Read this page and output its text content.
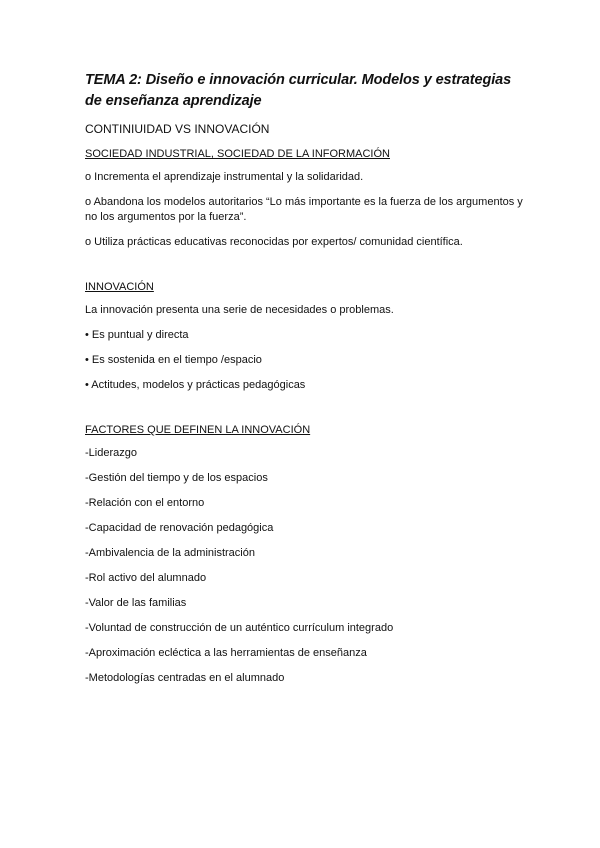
TEMA 2: Diseño e innovación curricular. Modelos y estrategias de enseñanza aprendizaje
CONTINIUIDAD VS INNOVACIÓN
SOCIEDAD INDUSTRIAL, SOCIEDAD DE LA INFORMACIÓN
o Incrementa el aprendizaje instrumental y la solidaridad.
o Abandona los modelos autoritarios “Lo más importante es la fuerza de los argumentos y no los argumentos por la fuerza”.
o Utiliza prácticas educativas reconocidas por expertos/ comunidad científica.
INNOVACIÓN
La innovación presenta una serie de necesidades o problemas.
• Es puntual y directa
• Es sostenida en el tiempo /espacio
• Actitudes, modelos y prácticas pedagógicas
FACTORES QUE DEFINEN LA INNOVACIÓN
-Liderazgo
-Gestión del tiempo y de los espacios
-Relación con el entorno
-Capacidad de renovación pedagógica
-Ambivalencia de la administración
-Rol activo del alumnado
-Valor de las familias
-Voluntad de construcción de un auténtico currículum integrado
-Aproximación ecléctica a las herramientas de enseñanza
-Metodologías centradas en el alumnado
